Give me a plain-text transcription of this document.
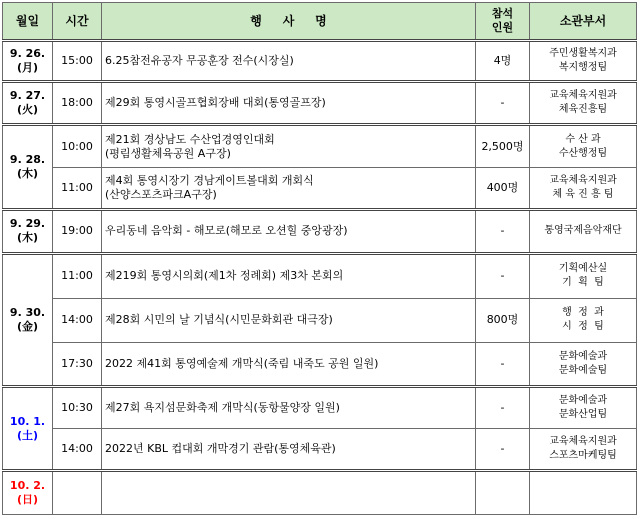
월일	시간	행     사     명	참석
인원	소관부서

9. 26.
(月)	15:00	6.25참전유공자 무공훈장 전수(시장실)	4명	주민생활복지과
복지행정팀

9. 27.
(火)	18:00	제29회 통영시골프협회장배 대회(통영골프장)	-	교육체육지원과
체육진흥팀

9. 28.
(木)	10:00	제21회 경상남도 수산업경영인대회
(평림생활체육공원 A구장)	2,500명	수 산 과
수산행정팀

	11:00	제4회 통영시장기 경남게이트볼대회 개회식
(산양스포츠파크A구장)	400명	교육체육지원과
체 육 진 흥 팀

9. 29.
(木)	19:00	우리동네 음악회 - 해모로(해모로 오션힐 중앙광장)	-	통영국제음악재단

9. 30.
(金)	11:00	제219회 통영시의회(제1차 정례회) 제3차 본회의	-	기획예산실
기  획  팀

	14:00	제28회 시민의 날 기념식(시민문화회관 대극장)	800명	행  정  과
시  정  팀

	17:30	2022 제41회 통영예술제 개막식(죽림 내죽도 공원 일원)	-	문화예술과
문화예술팀

10. 1.
(土)	10:30	제27회 욕지섬문화축제 개막식(동항물양장 일원)	-	문화예술과
문화산업팀

	14:00	2022년 KBL 컵대회 개막경기 관람(통영체육관)	-	교육체육지원과
스포츠마케팅팀

10. 2.
(日)				
